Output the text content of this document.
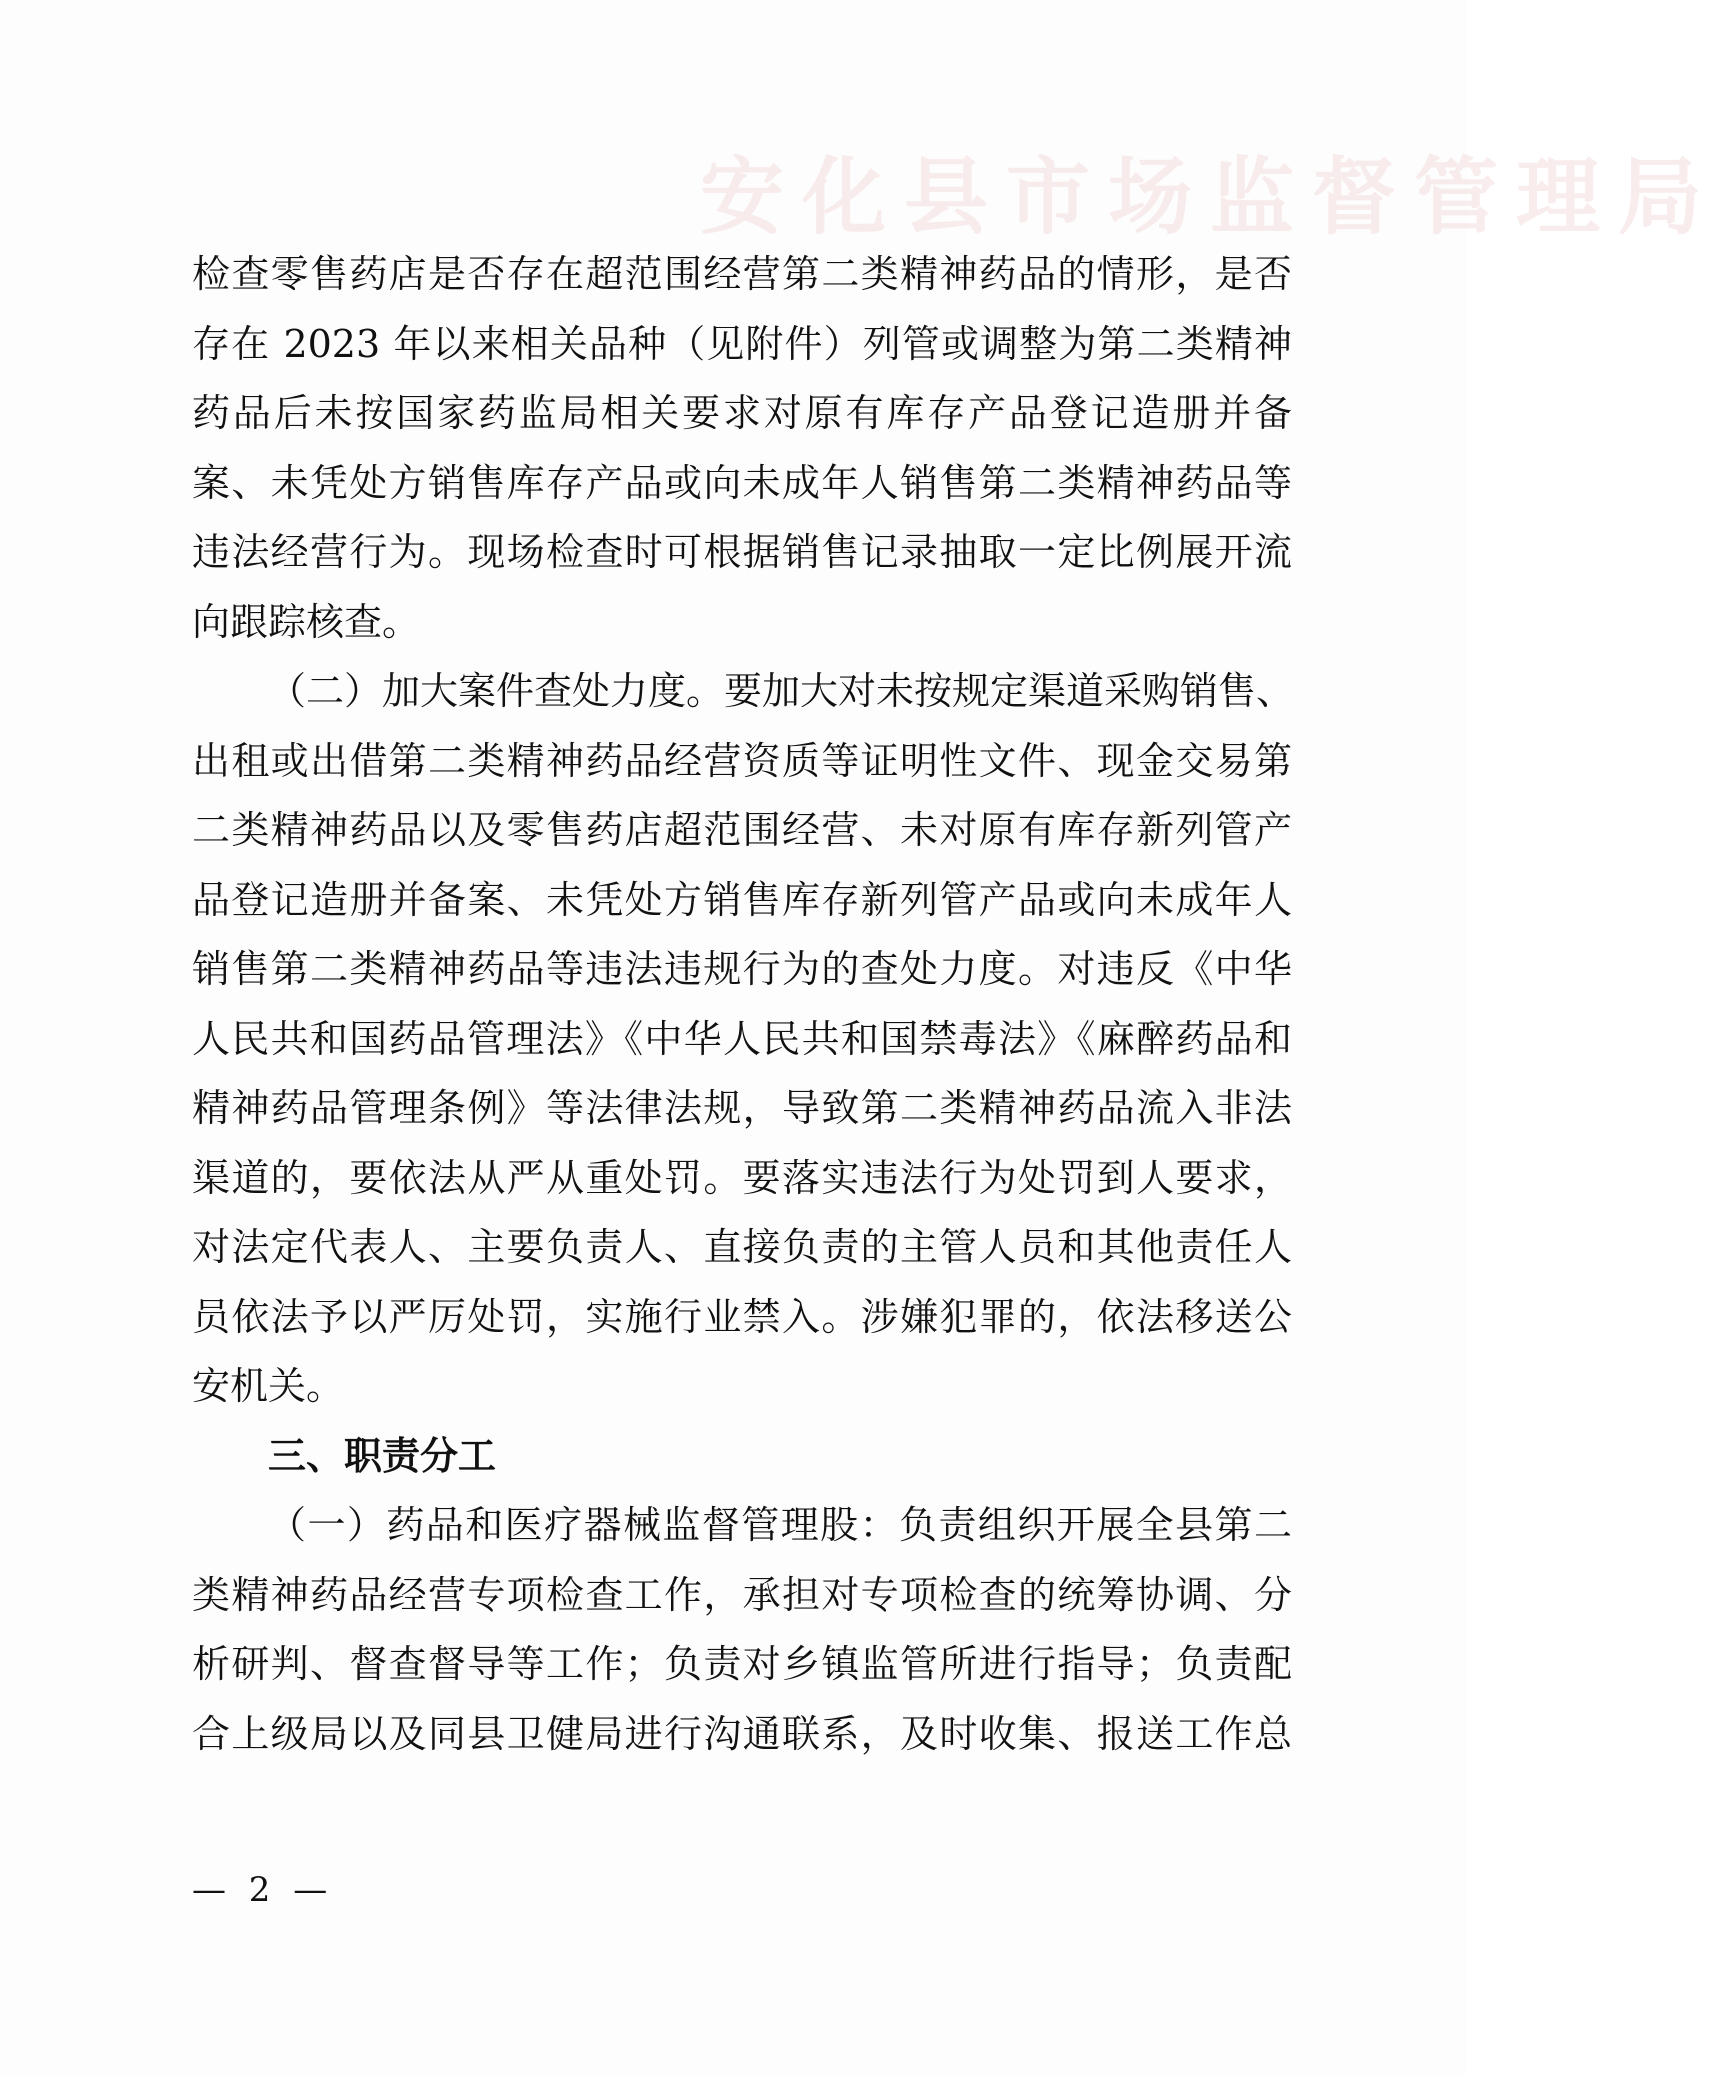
安化县市场监督管理局
检查零售药店是否存在超范围经营第二类精神药品的情形，是否
存在 2023 年以来相关品种（见附件）列管或调整为第二类精神
药品后未按国家药监局相关要求对原有库存产品登记造册并备
案、未凭处方销售库存产品或向未成年人销售第二类精神药品等
违法经营行为。现场检查时可根据销售记录抽取一定比例展开流
向跟踪核查。
（二）加大案件查处力度。要加大对未按规定渠道采购销售、
出租或出借第二类精神药品经营资质等证明性文件、现金交易第
二类精神药品以及零售药店超范围经营、未对原有库存新列管产
品登记造册并备案、未凭处方销售库存新列管产品或向未成年人
销售第二类精神药品等违法违规行为的查处力度。对违反《中华
人民共和国药品管理法》《中华人民共和国禁毒法》《麻醉药品和
精神药品管理条例》等法律法规，导致第二类精神药品流入非法
渠道的，要依法从严从重处罚。要落实违法行为处罚到人要求，
对法定代表人、主要负责人、直接负责的主管人员和其他责任人
员依法予以严厉处罚，实施行业禁入。涉嫌犯罪的，依法移送公
安机关。
三、职责分工
（一）药品和医疗器械监督管理股：负责组织开展全县第二
类精神药品经营专项检查工作，承担对专项检查的统筹协调、分
析研判、督查督导等工作；负责对乡镇监管所进行指导；负责配
合上级局以及同县卫健局进行沟通联系，及时收集、报送工作总
— 2 —
